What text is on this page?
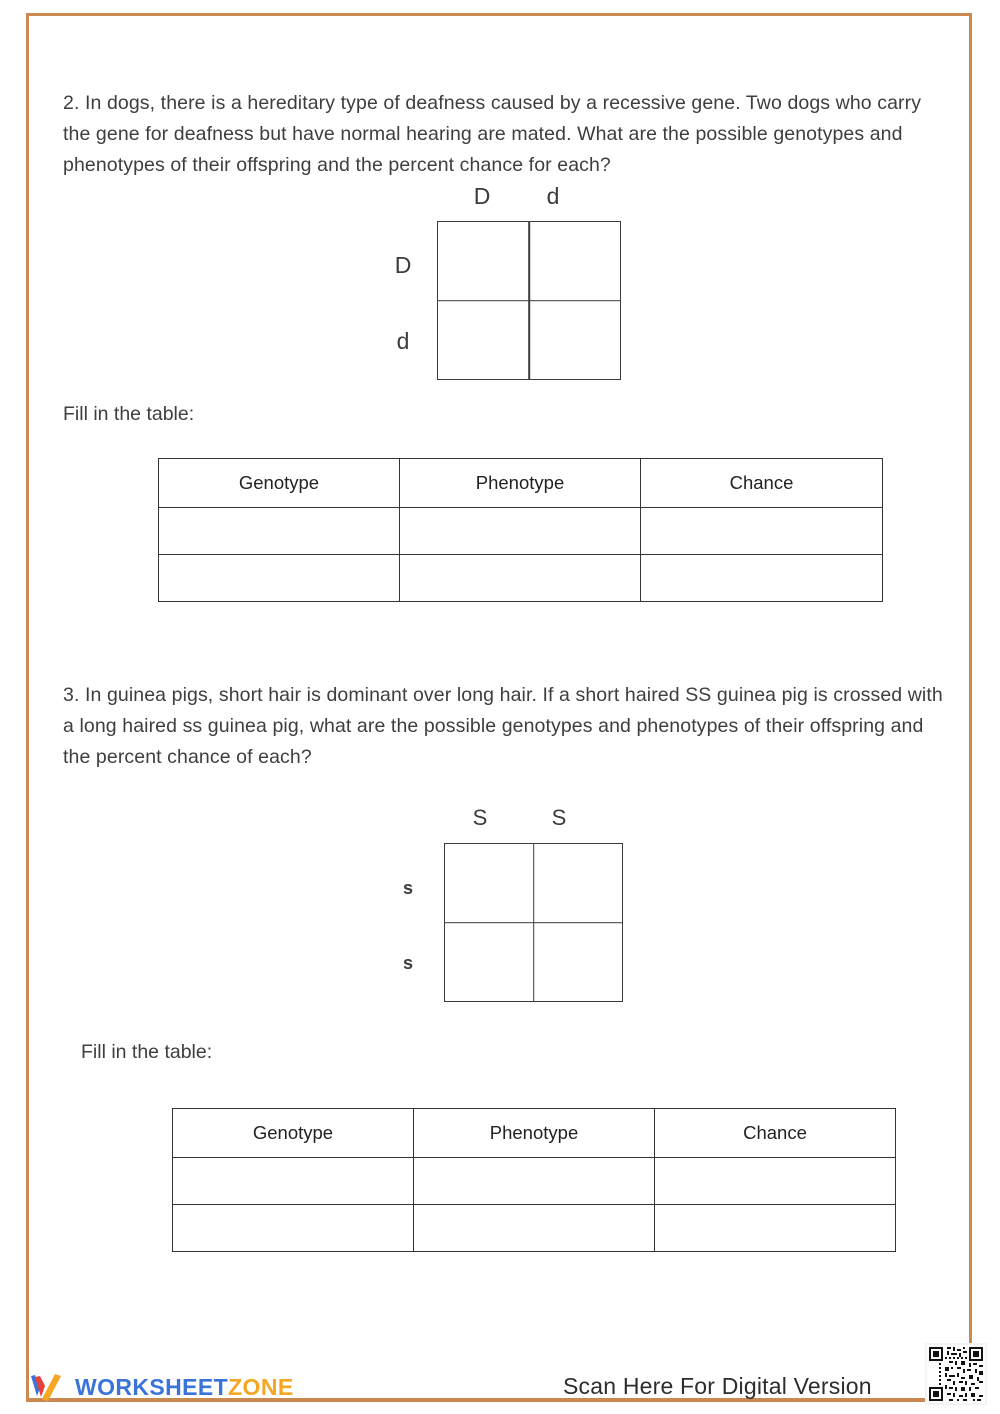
2. In dogs, there is a hereditary type of deafness caused by a recessive gene. Two dogs who carry the gene for deafness but have normal hearing are mated. What are the possible genotypes and phenotypes of their offspring and the percent chance for each?
D	d
D
d
Fill in the table:
Genotype	Phenotype	Chance

3. In guinea pigs, short hair is dominant over long hair. If a short haired SS guinea pig is crossed with a long haired ss guinea pig, what are the possible genotypes and phenotypes of their offspring and the percent chance of each?
S	S
s
s
Fill in the table:
Genotype	Phenotype	Chance

WORKSHEETZONE	Scan Here For Digital Version
